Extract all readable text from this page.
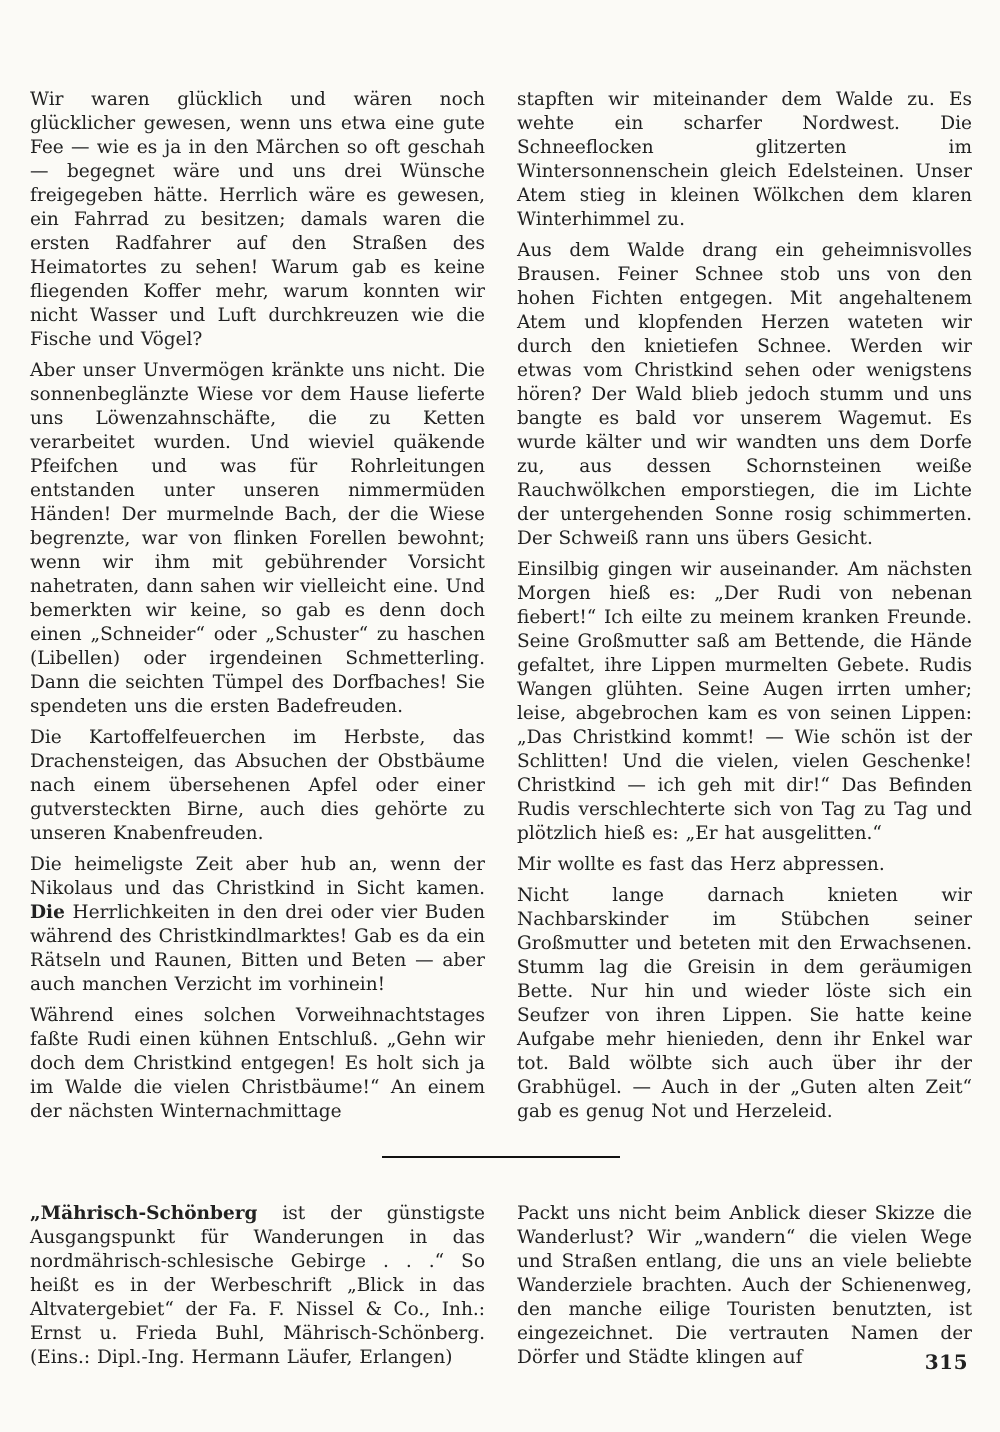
Wir waren glücklich und wären noch glücklicher gewesen, wenn uns etwa eine gute Fee — wie es ja in den Märchen so oft geschah — begegnet wäre und uns drei Wünsche freigegeben hätte. Herrlich wäre es gewesen, ein Fahrrad zu besitzen; damals waren die ersten Radfahrer auf den Straßen des Heimatortes zu sehen! Warum gab es keine fliegenden Koffer mehr, warum konnten wir nicht Wasser und Luft durchkreuzen wie die Fische und Vögel?

Aber unser Unvermögen kränkte uns nicht. Die sonnenbeglänzte Wiese vor dem Hause lieferte uns Löwenzahnschäfte, die zu Ketten verarbeitet wurden. Und wieviel quäkende Pfeifchen und was für Rohrleitungen entstanden unter unseren nimmermüden Händen! Der murmelnde Bach, der die Wiese begrenzte, war von flinken Forellen bewohnt; wenn wir ihm mit gebührender Vorsicht nahetraten, dann sahen wir vielleicht eine. Und bemerkten wir keine, so gab es denn doch einen „Schneider“ oder „Schuster“ zu haschen (Libellen) oder irgendeinen Schmetterling. Dann die seichten Tümpel des Dorfbaches! Sie spendeten uns die ersten Badefreuden.

Die Kartoffelfeuerchen im Herbste, das Drachensteigen, das Absuchen der Obstbäume nach einem übersehenen Apfel oder einer gutversteckten Birne, auch dies gehörte zu unseren Knabenfreuden.

Die heimeligste Zeit aber hub an, wenn der Nikolaus und das Christkind in Sicht kamen. Die Herrlichkeiten in den drei oder vier Buden während des Christkindlmarktes! Gab es da ein Rätseln und Raunen, Bitten und Beten — aber auch manchen Verzicht im vorhinein!

Während eines solchen Vorweihnachtstages faßte Rudi einen kühnen Entschluß. „Gehn wir doch dem Christkind entgegen! Es holt sich ja im Walde die vielen Christbäume!“ An einem der nächsten Winternachmittage

stapften wir miteinander dem Walde zu. Es wehte ein scharfer Nordwest. Die Schneeflocken glitzerten im Wintersonnenschein gleich Edelsteinen. Unser Atem stieg in kleinen Wölkchen dem klaren Winterhimmel zu.

Aus dem Walde drang ein geheimnisvolles Brausen. Feiner Schnee stob uns von den hohen Fichten entgegen. Mit angehaltenem Atem und klopfenden Herzen wateten wir durch den knietiefen Schnee. Werden wir etwas vom Christkind sehen oder wenigstens hören? Der Wald blieb jedoch stumm und uns bangte es bald vor unserem Wagemut. Es wurde kälter und wir wandten uns dem Dorfe zu, aus dessen Schornsteinen weiße Rauchwölkchen emporstiegen, die im Lichte der untergehenden Sonne rosig schimmerten. Der Schweiß rann uns übers Gesicht.

Einsilbig gingen wir auseinander. Am nächsten Morgen hieß es: „Der Rudi von nebenan fiebert!“ Ich eilte zu meinem kranken Freunde. Seine Großmutter saß am Bettende, die Hände gefaltet, ihre Lippen murmelten Gebete. Rudis Wangen glühten. Seine Augen irrten umher; leise, abgebrochen kam es von seinen Lippen: „Das Christkind kommt! — Wie schön ist der Schlitten! Und die vielen, vielen Geschenke! Christkind — ich geh mit dir!“ Das Befinden Rudis verschlechterte sich von Tag zu Tag und plötzlich hieß es: „Er hat ausgelitten.“

Mir wollte es fast das Herz abpressen.

Nicht lange darnach knieten wir Nachbarskinder im Stübchen seiner Großmutter und beteten mit den Erwachsenen. Stumm lag die Greisin in dem geräumigen Bette. Nur hin und wieder löste sich ein Seufzer von ihren Lippen. Sie hatte keine Aufgabe mehr hienieden, denn ihr Enkel war tot. Bald wölbte sich auch über ihr der Grabhügel. — Auch in der „Guten alten Zeit“ gab es genug Not und Herzeleid.

„Mährisch-Schönberg ist der günstigste Ausgangspunkt für Wanderungen in das nordmährisch-schlesische Gebirge . . .“ So heißt es in der Werbeschrift „Blick in das Altvatergebiet“ der Fa. F. Nissel & Co., Inh.: Ernst u. Frieda Buhl, Mährisch-Schönberg. (Eins.: Dipl.-Ing. Hermann Läufer, Erlangen)

Packt uns nicht beim Anblick dieser Skizze die Wanderlust? Wir „wandern“ die vielen Wege und Straßen entlang, die uns an viele beliebte Wanderziele brachten. Auch der Schienenweg, den manche eilige Touristen benutzten, ist eingezeichnet. Die vertrauten Namen der Dörfer und Städte klingen auf	315
